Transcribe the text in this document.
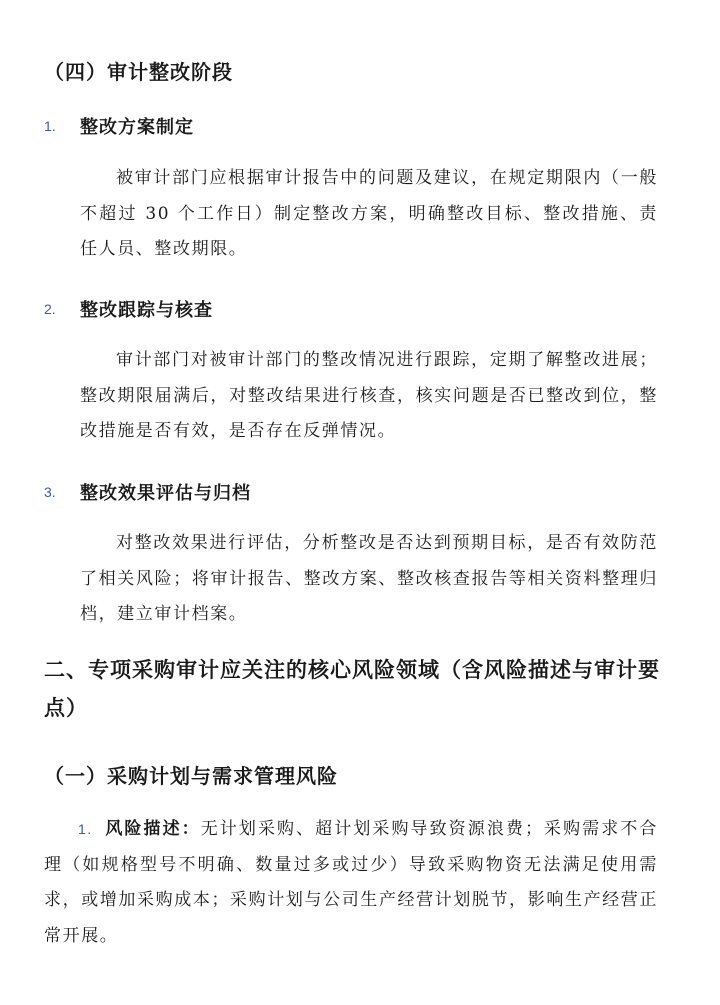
（四）审计整改阶段
1. 整改方案制定
被审计部门应根据审计报告中的问题及建议，在规定期限内（一般不超过 30 个工作日）制定整改方案，明确整改目标、整改措施、责任人员、整改期限。
2. 整改跟踪与核查
审计部门对被审计部门的整改情况进行跟踪，定期了解整改进展；整改期限届满后，对整改结果进行核查，核实问题是否已整改到位，整改措施是否有效，是否存在反弹情况。
3. 整改效果评估与归档
对整改效果进行评估，分析整改是否达到预期目标，是否有效防范了相关风险；将审计报告、整改方案、整改核查报告等相关资料整理归档，建立审计档案。
二、专项采购审计应关注的核心风险领域（含风险描述与审计要点）
（一）采购计划与需求管理风险
1. 风险描述：无计划采购、超计划采购导致资源浪费；采购需求不合理（如规格型号不明确、数量过多或过少）导致采购物资无法满足使用需求，或增加采购成本；采购计划与公司生产经营计划脱节，影响生产经营正常开展。
